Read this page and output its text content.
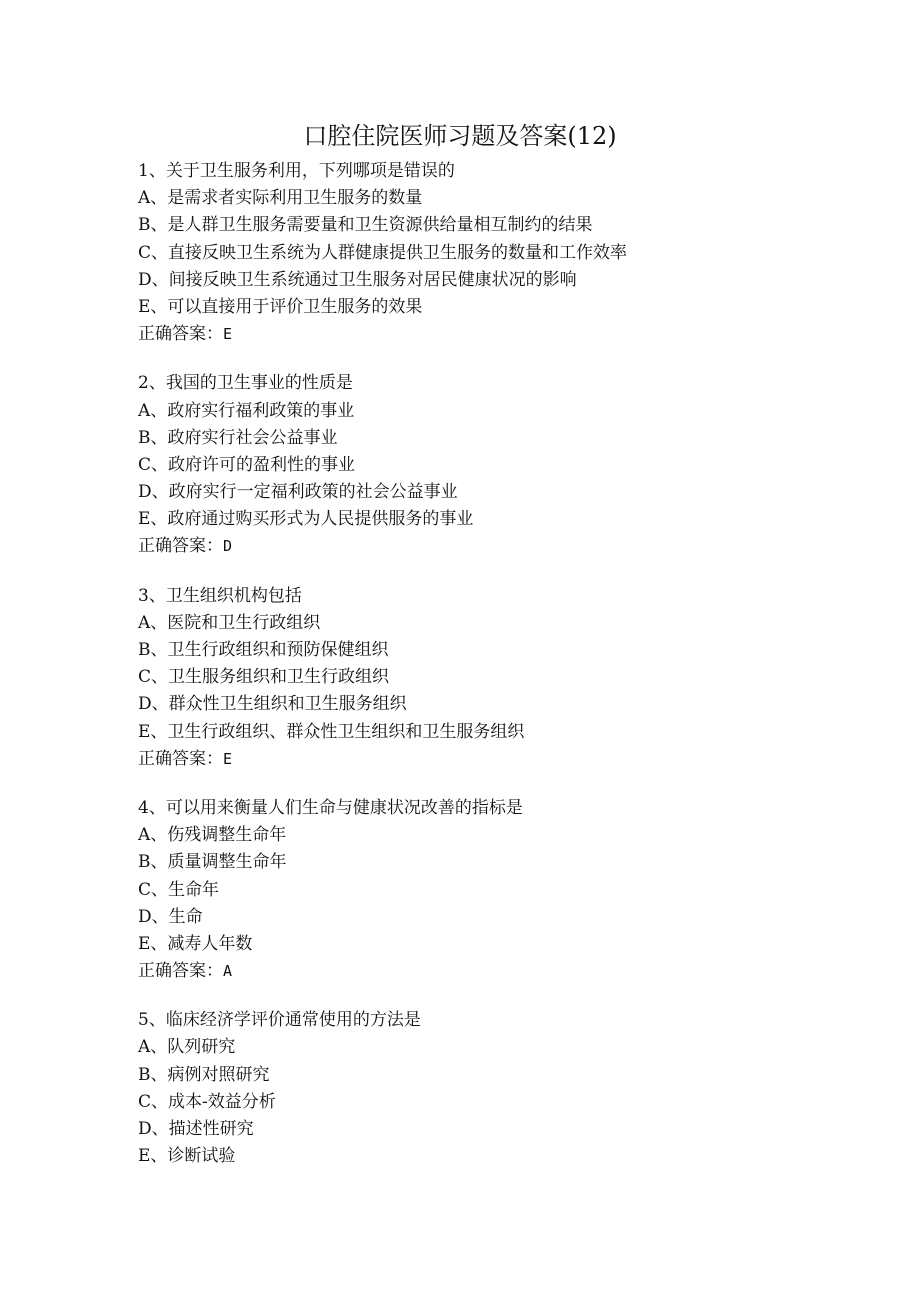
口腔住院医师习题及答案(12)
1、关于卫生服务利用，下列哪项是错误的
A、是需求者实际利用卫生服务的数量
B、是人群卫生服务需要量和卫生资源供给量相互制约的结果
C、直接反映卫生系统为人群健康提供卫生服务的数量和工作效率
D、间接反映卫生系统通过卫生服务对居民健康状况的影响
E、可以直接用于评价卫生服务的效果
正确答案：E
2、我国的卫生事业的性质是
A、政府实行福利政策的事业
B、政府实行社会公益事业
C、政府许可的盈利性的事业
D、政府实行一定福利政策的社会公益事业
E、政府通过购买形式为人民提供服务的事业
正确答案：D
3、卫生组织机构包括
A、医院和卫生行政组织
B、卫生行政组织和预防保健组织
C、卫生服务组织和卫生行政组织
D、群众性卫生组织和卫生服务组织
E、卫生行政组织、群众性卫生组织和卫生服务组织
正确答案：E
4、可以用来衡量人们生命与健康状况改善的指标是
A、伤残调整生命年
B、质量调整生命年
C、生命年
D、生命
E、减寿人年数
正确答案：A
5、临床经济学评价通常使用的方法是
A、队列研究
B、病例对照研究
C、成本-效益分析
D、描述性研究
E、诊断试验
